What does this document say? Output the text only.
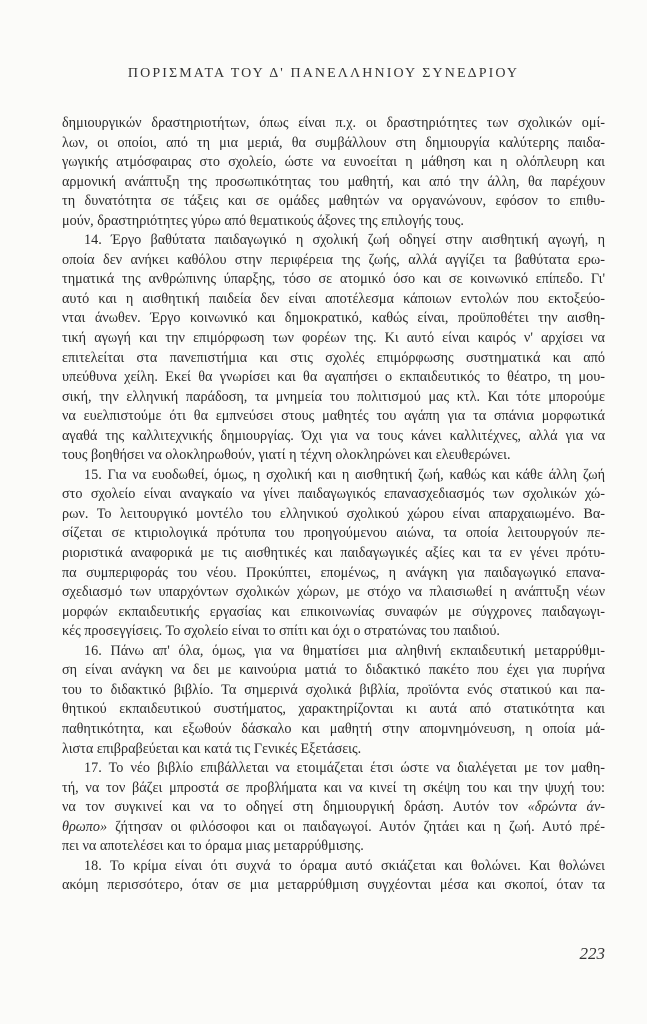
ΠΟΡΙΣΜΑΤΑ ΤΟΥ Δ' ΠΑΝΕΛΛΗΝΙΟΥ ΣΥΝΕΔΡΙΟΥ
δημιουργικών δραστηριοτήτων, όπως είναι π.χ. οι δραστηριότητες των σχολικών ομί-
λων, οι οποίοι, από τη μια μεριά, θα συμβάλλουν στη δημιουργία καλύτερης παιδα-
γωγικής ατμόσφαιρας στο σχολείο, ώστε να ευνοείται η μάθηση και η ολόπλευρη και
αρμονική ανάπτυξη της προσωπικότητας του μαθητή, και από την άλλη, θα παρέχουν
τη δυνατότητα σε τάξεις και σε ομάδες μαθητών να οργανώνουν, εφόσον το επιθυ-
μούν, δραστηριότητες γύρω από θεματικούς άξονες της επιλογής τους.
14. Έργο βαθύτατα παιδαγωγικό η σχολική ζωή οδηγεί στην αισθητική αγωγή, η
οποία δεν ανήκει καθόλου στην περιφέρεια της ζωής, αλλά αγγίζει τα βαθύτατα ερω-
τηματικά της ανθρώπινης ύπαρξης, τόσο σε ατομικό όσο και σε κοινωνικό επίπεδο. Γι'
αυτό και η αισθητική παιδεία δεν είναι αποτέλεσμα κάποιων εντολών που εκτοξεύο-
νται άνωθεν. Έργο κοινωνικό και δημοκρατικό, καθώς είναι, προϋποθέτει την αισθη-
τική αγωγή και την επιμόρφωση των φορέων της. Κι αυτό είναι καιρός ν' αρχίσει να
επιτελείται στα πανεπιστήμια και στις σχολές επιμόρφωσης συστηματικά και από
υπεύθυνα χείλη. Εκεί θα γνωρίσει και θα αγαπήσει ο εκπαιδευτικός το θέατρο, τη μου-
σική, την ελληνική παράδοση, τα μνημεία του πολιτισμού μας κτλ. Και τότε μπορούμε
να ευελπιστούμε ότι θα εμπνεύσει στους μαθητές του αγάπη για τα σπάνια μορφωτικά
αγαθά της καλλιτεχνικής δημιουργίας. Όχι για να τους κάνει καλλιτέχνες, αλλά για να
τους βοηθήσει να ολοκληρωθούν, γιατί η τέχνη ολοκληρώνει και ελευθερώνει.
15. Για να ευοδωθεί, όμως, η σχολική και η αισθητική ζωή, καθώς και κάθε άλλη ζωή
στο σχολείο είναι αναγκαίο να γίνει παιδαγωγικός επανασχεδιασμός των σχολικών χώ-
ρων. Το λειτουργικό μοντέλο του ελληνικού σχολικού χώρου είναι απαρχαιωμένο. Βα-
σίζεται σε κτιριολογικά πρότυπα του προηγούμενου αιώνα, τα οποία λειτουργούν πε-
ριοριστικά αναφορικά με τις αισθητικές και παιδαγωγικές αξίες και τα εν γένει πρότυ-
πα συμπεριφοράς του νέου. Προκύπτει, επομένως, η ανάγκη για παιδαγωγικό επανα-
σχεδιασμό των υπαρχόντων σχολικών χώρων, με στόχο να πλαισιωθεί η ανάπτυξη νέων
μορφών εκπαιδευτικής εργασίας και επικοινωνίας συναφών με σύγχρονες παιδαγωγι-
κές προσεγγίσεις. Το σχολείο είναι το σπίτι και όχι ο στρατώνας του παιδιού.
16. Πάνω απ' όλα, όμως, για να θηματίσει μια αληθινή εκπαιδευτική μεταρρύθμι-
ση είναι ανάγκη να δει με καινούρια ματιά το διδακτικό πακέτο που έχει για πυρήνα
του το διδακτικό βιβλίο. Τα σημερινά σχολικά βιβλία, προϊόντα ενός στατικού και πα-
θητικού εκπαιδευτικού συστήματος, χαρακτηρίζονται κι αυτά από στατικότητα και
παθητικότητα, και εξωθούν δάσκαλο και μαθητή στην απομνημόνευση, η οποία μά-
λιστα επιβραβεύεται και κατά τις Γενικές Εξετάσεις.
17. Το νέο βιβλίο επιβάλλεται να ετοιμάζεται έτσι ώστε να διαλέγεται με τον μαθη-
τή, να τον βάζει μπροστά σε προβλήματα και να κινεί τη σκέψη του και την ψυχή του:
να τον συγκινεί και να το οδηγεί στη δημιουργική δράση. Αυτόν τον «δρώντα άν-
θρωπο» ζήτησαν οι φιλόσοφοι και οι παιδαγωγοί. Αυτόν ζητάει και η ζωή. Αυτό πρέ-
πει να αποτελέσει και το όραμα μιας μεταρρύθμισης.
18. Το κρίμα είναι ότι συχνά το όραμα αυτό σκιάζεται και θολώνει. Και θολώνει
ακόμη περισσότερο, όταν σε μια μεταρρύθμιση συγχέονται μέσα και σκοποί, όταν τα
223
